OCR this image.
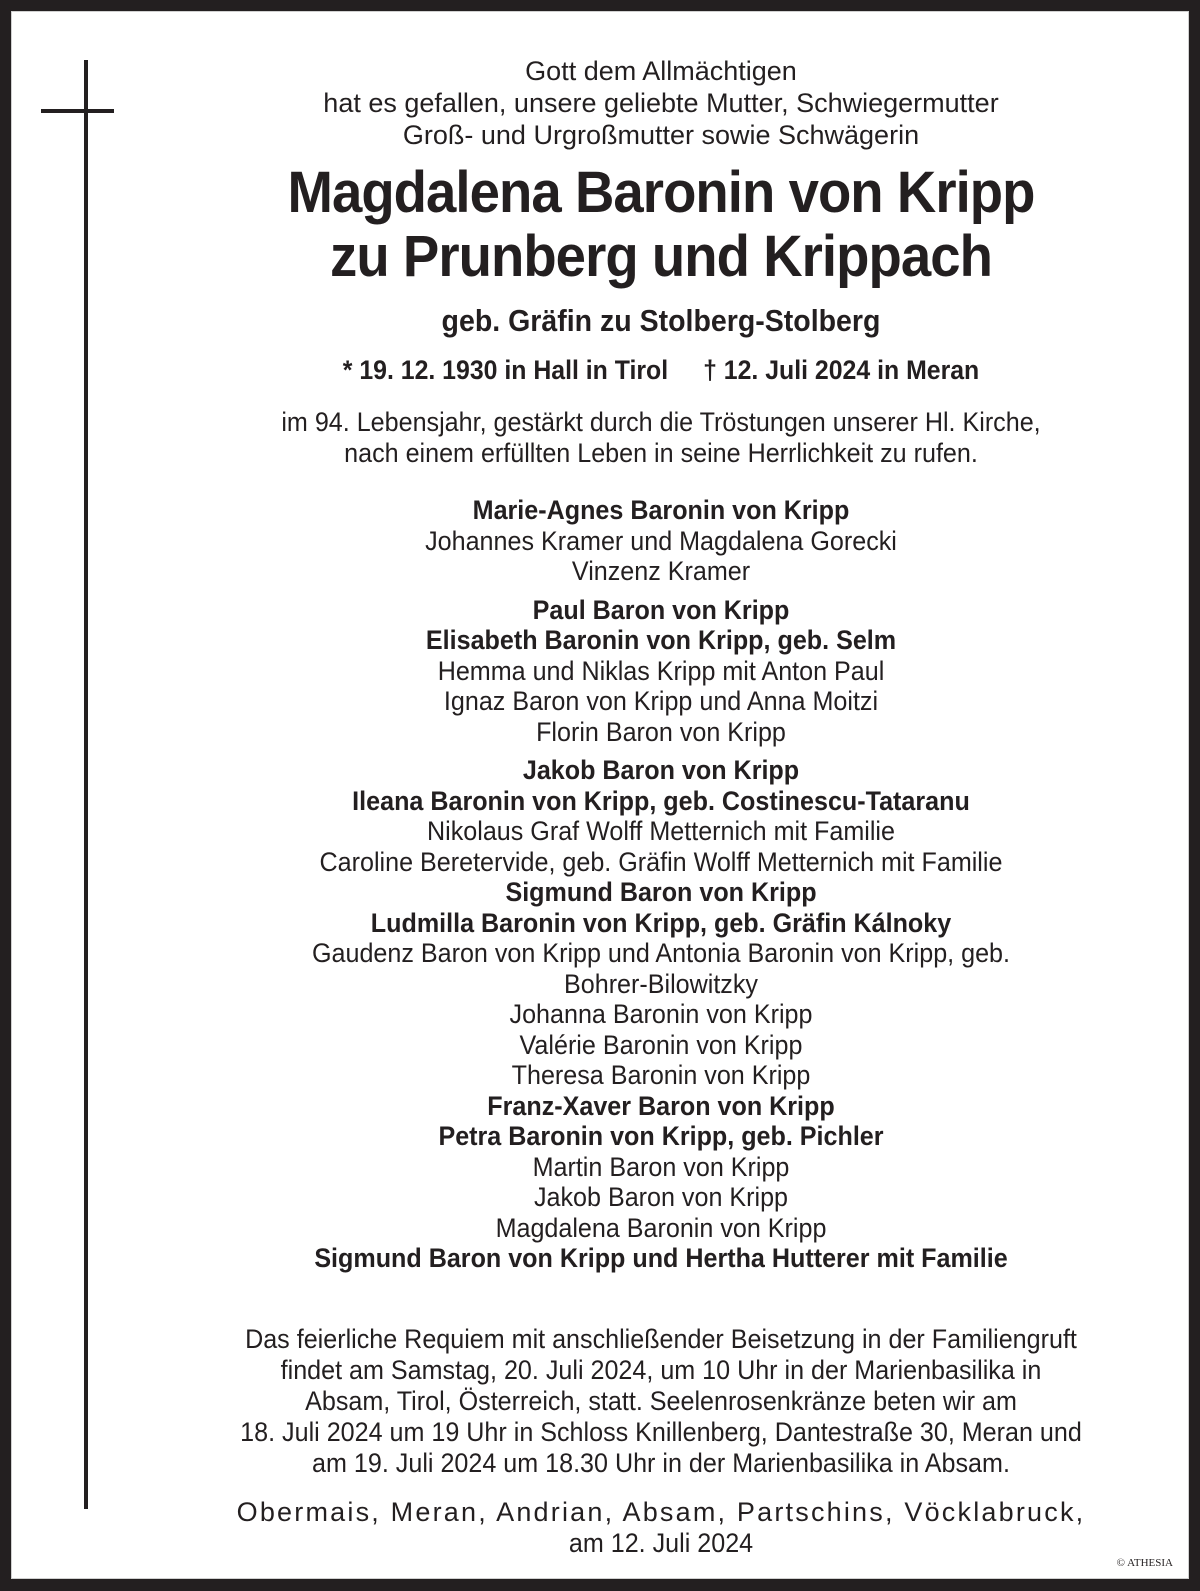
Gott dem Allmächtigen
hat es gefallen, unsere geliebte Mutter, Schwiegermutter
Groß- und Urgroßmutter sowie Schwägerin
Magdalena Baronin von Kripp
zu Prunberg und Krippach
geb. Gräfin zu Stolberg-Stolberg
* 19. 12. 1930 in Hall in Tirol † 12. Juli 2024 in Meran
im 94. Lebensjahr, gestärkt durch die Tröstungen unserer Hl. Kirche,
nach einem erfüllten Leben in seine Herrlichkeit zu rufen.
Marie-Agnes Baronin von Kripp
Johannes Kramer und Magdalena Gorecki
Vinzenz Kramer
Paul Baron von Kripp
Elisabeth Baronin von Kripp, geb. Selm
Hemma und Niklas Kripp mit Anton Paul
Ignaz Baron von Kripp und Anna Moitzi
Florin Baron von Kripp
Jakob Baron von Kripp
Ileana Baronin von Kripp, geb. Costinescu-Tataranu
Nikolaus Graf Wolff Metternich mit Familie
Caroline Beretervide, geb. Gräfin Wolff Metternich mit Familie
Sigmund Baron von Kripp
Ludmilla Baronin von Kripp, geb. Gräfin Kálnoky
Gaudenz Baron von Kripp und Antonia Baronin von Kripp, geb.
Bohrer-Bilowitzky
Johanna Baronin von Kripp
Valérie Baronin von Kripp
Theresa Baronin von Kripp
Franz-Xaver Baron von Kripp
Petra Baronin von Kripp, geb. Pichler
Martin Baron von Kripp
Jakob Baron von Kripp
Magdalena Baronin von Kripp
Sigmund Baron von Kripp und Hertha Hutterer mit Familie
Das feierliche Requiem mit anschließender Beisetzung in der Familiengruft
findet am Samstag, 20. Juli 2024, um 10 Uhr in der Marienbasilika in
Absam, Tirol, Österreich, statt. Seelenrosenkränze beten wir am
18. Juli 2024 um 19 Uhr in Schloss Knillenberg, Dantestraße 30, Meran und
am 19. Juli 2024 um 18.30 Uhr in der Marienbasilika in Absam.
Obermais, Meran, Andrian, Absam, Partschins, Vöcklabruck,
am 12. Juli 2024
© ATHESIA
